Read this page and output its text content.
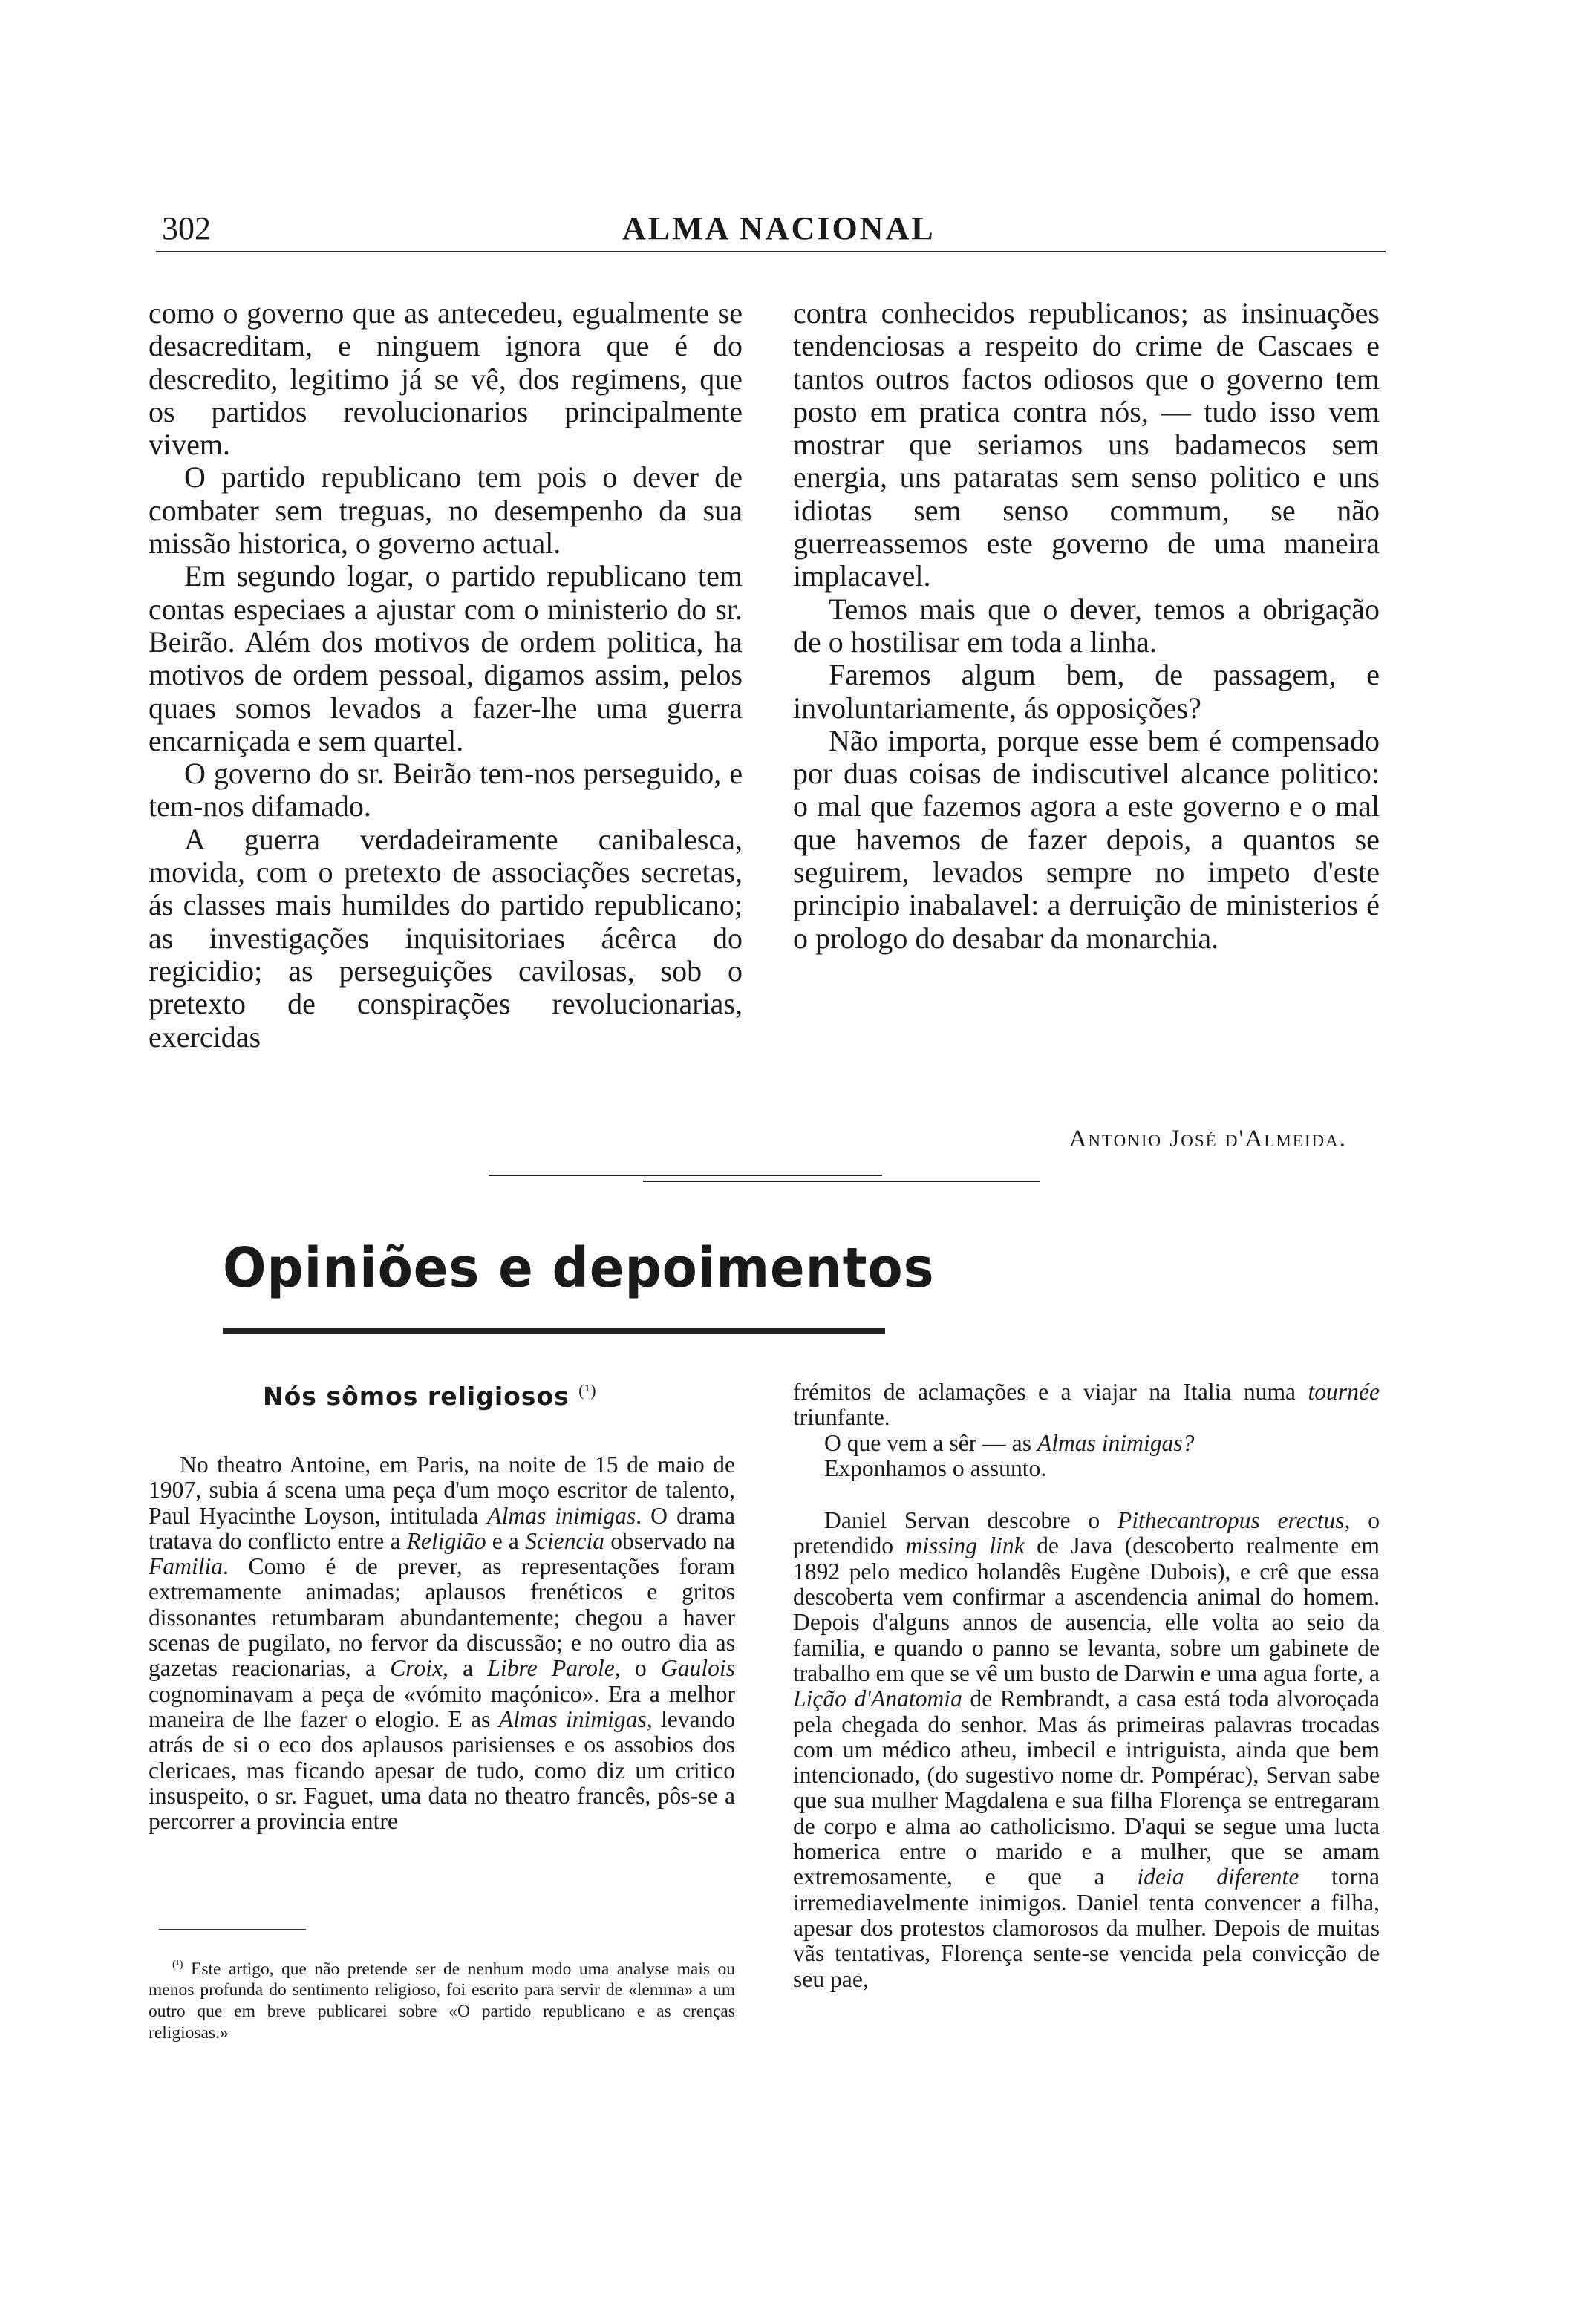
302	ALMA NACIONAL

como o governo que as antecedeu, egualmente se desacreditam, e ninguem ignora que é do descredito, legitimo já se vê, dos regimens, que os partidos revolucionarios principalmente vivem.

O partido republicano tem pois o dever de combater sem treguas, no desempenho da sua missão historica, o governo actual.

Em segundo logar, o partido republicano tem contas especiaes a ajustar com o ministerio do sr. Beirão. Além dos motivos de ordem politica, ha motivos de ordem pessoal, digamos assim, pelos quaes somos levados a fazer-lhe uma guerra encarniçada e sem quartel.

O governo do sr. Beirão tem-nos perseguido, e tem-nos difamado.

A guerra verdadeiramente canibalesca, movida, com o pretexto de associações secretas, ás classes mais humildes do partido republicano; as investigações inquisitoriaes ácêrca do regicidio; as perseguições cavilosas, sob o pretexto de conspirações revolucionarias, exercidas

contra conhecidos republicanos; as insinuações tendenciosas a respeito do crime de Cascaes e tantos outros factos odiosos que o governo tem posto em pratica contra nós, — tudo isso vem mostrar que seriamos uns badamecos sem energia, uns pataratas sem senso politico e uns idiotas sem senso commum, se não guerreassemos este governo de uma maneira implacavel.

Temos mais que o dever, temos a obrigação de o hostilisar em toda a linha.

Faremos algum bem, de passagem, e involuntariamente, ás opposições?

Não importa, porque esse bem é compensado por duas coisas de indiscutivel alcance politico: o mal que fazemos agora a este governo e o mal que havemos de fazer depois, a quantos se seguirem, levados sempre no impeto d'este principio inabalavel: a derruição de ministerios é o prologo do desabar da monarchia.

Antonio José d'Almeida.
Opiniões e depoimentos
Nós sômos religiosos $^{(^1)}$

No theatro Antoine, em Paris, na noite de 15 de maio de 1907, subia á scena uma peça d'um moço escritor de talento, Paul Hyacinthe Loyson, intitulada Almas inimigas. O drama tratava do conflicto entre a Religião e a Sciencia observado na Familia. Como é de prever, as representações foram extremamente animadas; aplausos frenéticos e gritos dissonantes retumbaram abundantemente; chegou a haver scenas de pugilato, no fervor da discussão; e no outro dia as gazetas reacionarias, a Croix, a Libre Parole, o Gaulois cognominavam a peça de «vómito maçónico». Era a melhor maneira de lhe fazer o elogio. E as Almas inimigas, levando atrás de si o eco dos aplausos parisienses e os assobios dos clericaes, mas ficando apesar de tudo, como diz um critico insuspeito, o sr. Faguet, uma data no theatro francês, pôs-se a percorrer a provincia entre

$^{(^1)}$ Este artigo, que não pretende ser de nenhum modo uma analyse mais ou menos profunda do sentimento religioso, foi escrito para servir de «lemma» a um outro que em breve publicarei sobre «O partido republicano e as crenças religiosas.»

frémitos de aclamações e a viajar na Italia numa tournée triunfante.

O que vem a sêr — as Almas inimigas?

Exponhamos o assunto.

Daniel Servan descobre o Pithecantropus erectus, o pretendido missing link de Java (descoberto realmente em 1892 pelo medico holandês Eugène Dubois), e crê que essa descoberta vem confirmar a ascendencia animal do homem. Depois d'alguns annos de ausencia, elle volta ao seio da familia, e quando o panno se levanta, sobre um gabinete de trabalho em que se vê um busto de Darwin e uma agua forte, a Lição d'Anatomia de Rembrandt, a casa está toda alvoroçada pela chegada do senhor. Mas ás primeiras palavras trocadas com um médico atheu, imbecil e intriguista, ainda que bem intencionado, (do sugestivo nome dr. Pompérac), Servan sabe que sua mulher Magdalena e sua filha Florença se entregaram de corpo e alma ao catholicismo. D'aqui se segue uma lucta homerica entre o marido e a mulher, que se amam extremosamente, e que a ideia diferente torna irremediavelmente inimigos. Daniel tenta convencer a filha, apesar dos protestos clamorosos da mulher. Depois de muitas vãs tentativas, Florença sente-se vencida pela convicção de seu pae,
